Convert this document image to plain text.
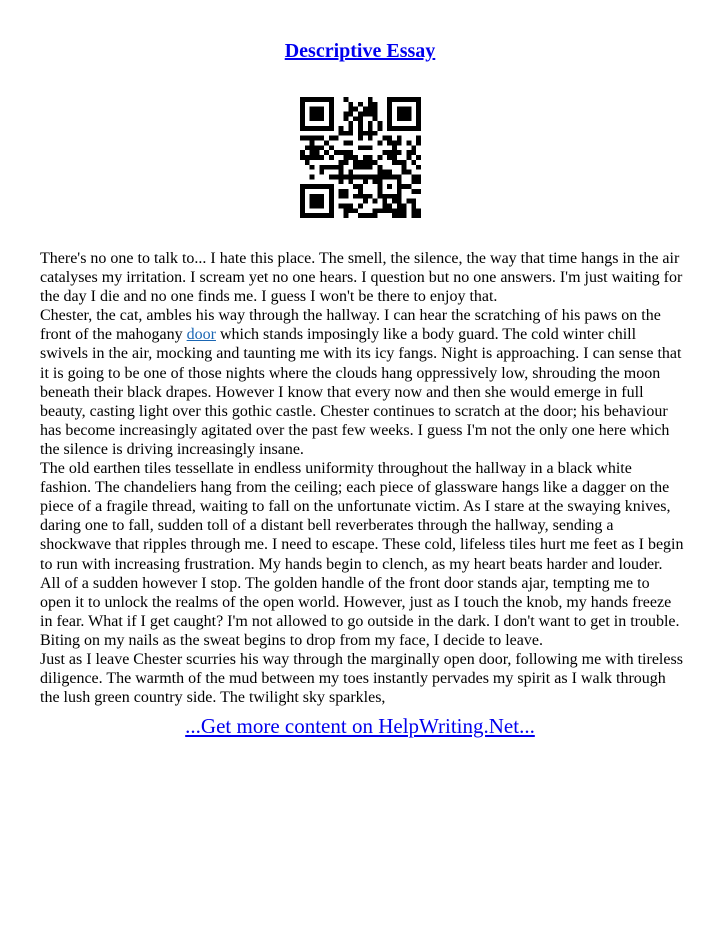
Descriptive Essay

There's no one to talk to... I hate this place. The smell, the silence, the way that time hangs in the air catalyses my irritation. I scream yet no one hears. I question but no one answers. I'm just waiting for the day I die and no one finds me. I guess I won't be there to enjoy that.

Chester, the cat, ambles his way through the hallway. I can hear the scratching of his paws on the front of the mahogany door which stands imposingly like a body guard. The cold winter chill swivels in the air, mocking and taunting me with its icy fangs. Night is approaching. I can sense that it is going to be one of those nights where the clouds hang oppressively low, shrouding the moon beneath their black drapes. However I know that every now and then she would emerge in full beauty, casting light over this gothic castle. Chester continues to scratch at the door; his behaviour has become increasingly agitated over the past few weeks. I guess I'm not the only one here which the silence is driving increasingly insane.

The old earthen tiles tessellate in endless uniformity throughout the hallway in a black white fashion. The chandeliers hang from the ceiling; each piece of glassware hangs like a dagger on the piece of a fragile thread, waiting to fall on the unfortunate victim. As I stare at the swaying knives, daring one to fall, sudden toll of a distant bell reverberates through the hallway, sending a shockwave that ripples through me. I need to escape. These cold, lifeless tiles hurt me feet as I begin to run with increasing frustration. My hands begin to clench, as my heart beats harder and louder. All of a sudden however I stop. The golden handle of the front door stands ajar, tempting me to open it to unlock the realms of the open world. However, just as I touch the knob, my hands freeze in fear. What if I get caught? I'm not allowed to go outside in the dark. I don't want to get in trouble. Biting on my nails as the sweat begins to drop from my face, I decide to leave.

Just as I leave Chester scurries his way through the marginally open door, following me with tireless diligence. The warmth of the mud between my toes instantly pervades my spirit as I walk through the lush green country side. The twilight sky sparkles,

...Get more content on HelpWriting.Net...
